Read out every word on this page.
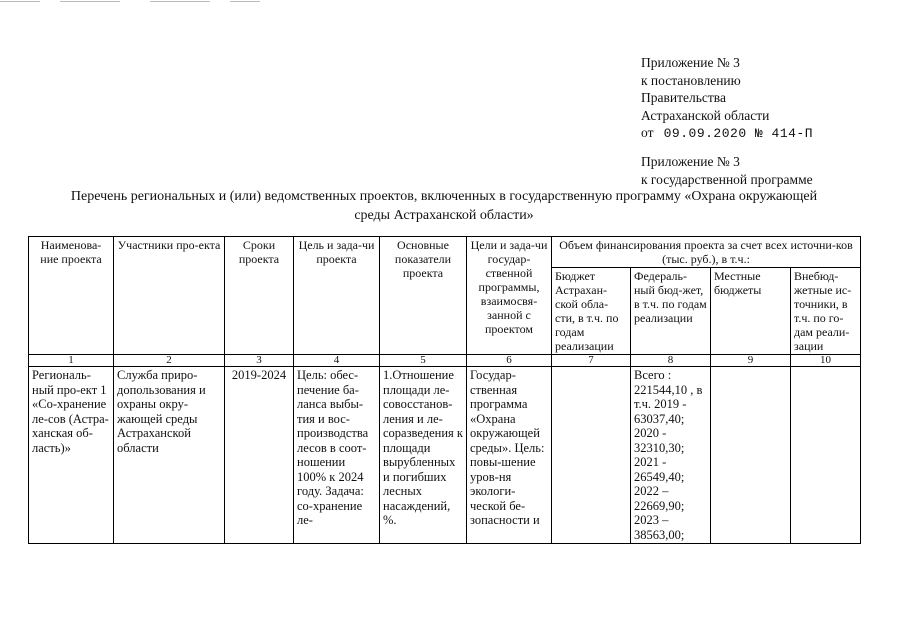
Приложение № 3
к постановлению
Правительства
Астраханской области
от 09.09.2020 № 414-П
Приложение № 3
к государственной программе
Перечень региональных и (или) ведомственных проектов, включенных в государственную программу «Охрана окружающей
среды Астраханской области»
Наименова-ние проекта	Участники про-екта	Сроки проекта	Цель и зада-чи проекта	Основные показатели проекта	Цели и зада-чи государ-ственной программы, взаимосвя-занной с проектом	Объем финансирования проекта за счет всех источни-ков (тыс. руб.), в т.ч.:			
						Бюджет Астрахан-ской обла-сти, в т.ч. по годам реализации	Федераль-ный бюд-жет, в т.ч. по годам реализации	Местные бюджеты	Внебюд-жетные ис-точники, в т.ч. по го-дам реали-зации
1	2	3	4	5	6	7	8	9	10
Региональ-ный про-ект 1 «Со-хранение ле-сов (Астра-ханская об-ласть)»	Служба приро-допользования и охраны окру-жающей среды Астраханской области	2019-2024	Цель: обес-печение ба-ланса выбы-тия и вос-производства лесов в соот-ношении 100% к 2024 году. Задача: со-хранение ле-	1.Отношение площади ле-совосстанов-ления и ле-соразведения к площади вырубленных и погибших лесных насаждений, %.	Государ-ственная программа «Охрана окружающей среды». Цель: повы-шение уров-ня экологи-ческой бе-зопасности и		Всего : 221544,10 , в т.ч. 2019 - 63037,40; 2020 - 32310,30; 2021 - 26549,40; 2022 – 22669,90; 2023 – 38563,00;		
